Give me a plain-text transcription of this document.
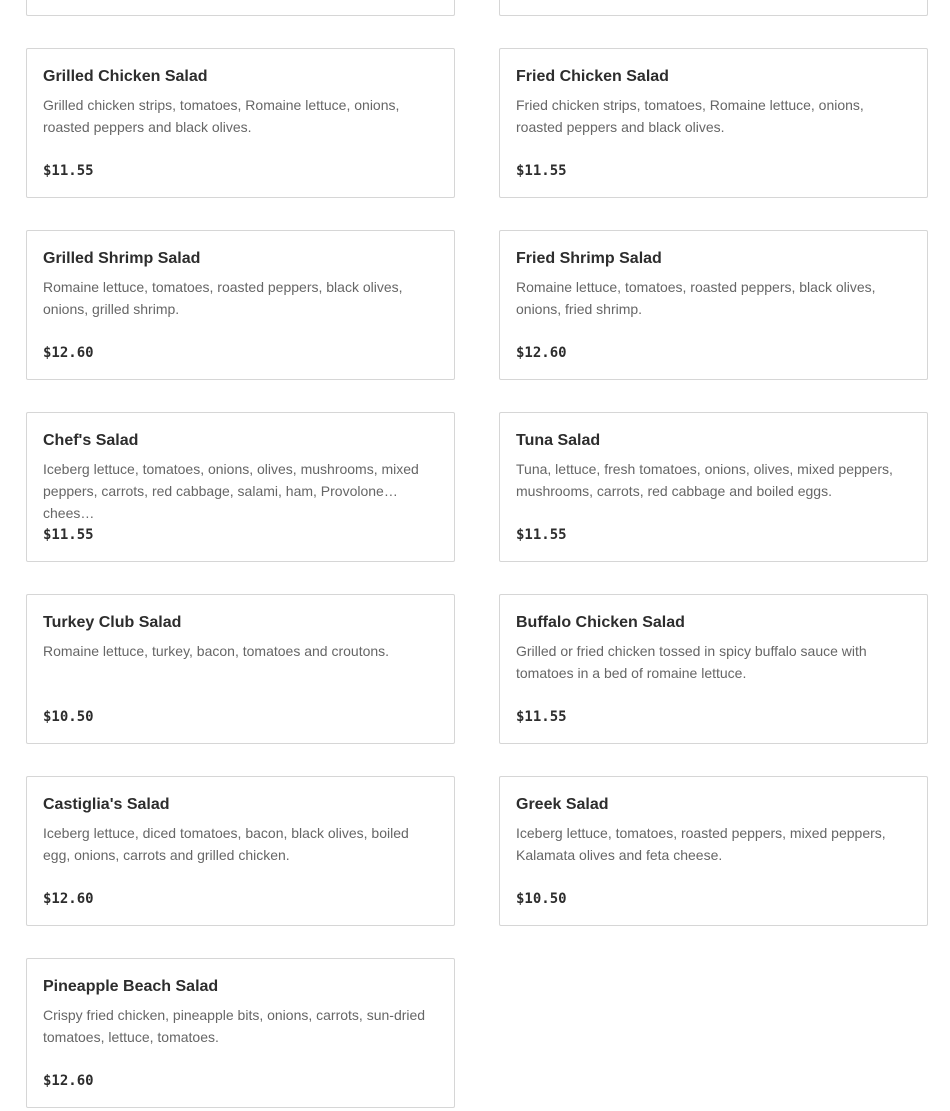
Grilled Chicken Salad
Grilled chicken strips, tomatoes, Romaine lettuce, onions, roasted peppers and black olives.
$11.55
Fried Chicken Salad
Fried chicken strips, tomatoes, Romaine lettuce, onions, roasted peppers and black olives.
$11.55
Grilled Shrimp Salad
Romaine lettuce, tomatoes, roasted peppers, black olives, onions, grilled shrimp.
$12.60
Fried Shrimp Salad
Romaine lettuce, tomatoes, roasted peppers, black olives, onions, fried shrimp.
$12.60
Chef's Salad
Iceberg lettuce, tomatoes, onions, olives, mushrooms, mixed peppers, carrots, red cabbage, salami, ham, Provolone chees…
$11.55
Tuna Salad
Tuna, lettuce, fresh tomatoes, onions, olives, mixed peppers, mushrooms, carrots, red cabbage and boiled eggs.
$11.55
Turkey Club Salad
Romaine lettuce, turkey, bacon, tomatoes and croutons.
$10.50
Buffalo Chicken Salad
Grilled or fried chicken tossed in spicy buffalo sauce with tomatoes in a bed of romaine lettuce.
$11.55
Castiglia's Salad
Iceberg lettuce, diced tomatoes, bacon, black olives, boiled egg, onions, carrots and grilled chicken.
$12.60
Greek Salad
Iceberg lettuce, tomatoes, roasted peppers, mixed peppers, Kalamata olives and feta cheese.
$10.50
Pineapple Beach Salad
Crispy fried chicken, pineapple bits, onions, carrots, sun-dried tomatoes, lettuce, tomatoes.
$12.60
